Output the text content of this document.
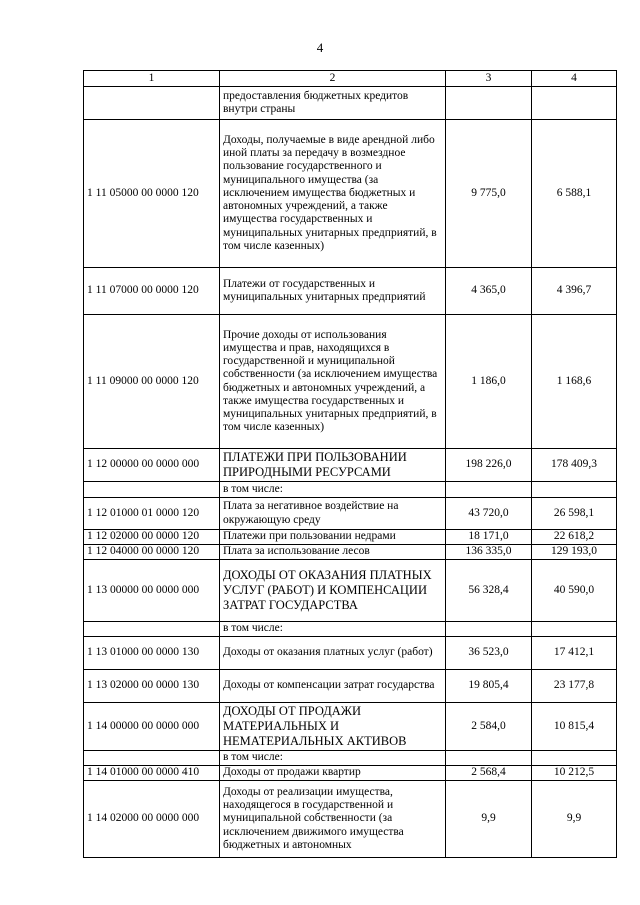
4
1	2	3	4
	предоставления бюджетных кредитов внутри страны		
1 11 05000 00 0000 120	Доходы, получаемые в виде арендной либо иной платы за передачу в возмездное пользование государственного и муниципального имущества (за исключением имущества бюджетных и автономных учреждений, а также имущества государственных и муниципальных унитарных предприятий, в том числе казенных)	9 775,0	6 588,1
1 11 07000 00 0000 120	Платежи от государственных и муниципальных унитарных предприятий	4 365,0	4 396,7
1 11 09000 00 0000 120	Прочие доходы от использования имущества и прав, находящихся в государственной и муниципальной собственности (за исключением имущества бюджетных и автономных учреждений, а также имущества государственных и муниципальных унитарных предприятий, в том числе казенных)	1 186,0	1 168,6
1 12 00000 00 0000 000	ПЛАТЕЖИ ПРИ ПОЛЬЗОВАНИИ ПРИРОДНЫМИ РЕСУРСАМИ	198 226,0	178 409,3
	в том числе:		
1 12 01000 01 0000 120	Плата за негативное воздействие на окружающую среду	43 720,0	26 598,1
1 12 02000 00 0000 120	Платежи при пользовании недрами	18 171,0	22 618,2
1 12 04000 00 0000 120	Плата за использование лесов	136 335,0	129 193,0
1 13 00000 00 0000 000	ДОХОДЫ ОТ ОКАЗАНИЯ ПЛАТНЫХ УСЛУГ (РАБОТ) И КОМПЕНСАЦИИ ЗАТРАТ ГОСУДАРСТВА	56 328,4	40 590,0
	в том числе:		
1 13 01000 00 0000 130	Доходы от оказания платных услуг (работ)	36 523,0	17 412,1
1 13 02000 00 0000 130	Доходы от компенсации затрат государства	19 805,4	23 177,8
1 14 00000 00 0000 000	ДОХОДЫ ОТ ПРОДАЖИ МАТЕРИАЛЬНЫХ И НЕМАТЕРИАЛЬНЫХ АКТИВОВ	2 584,0	10 815,4
	в том числе:		
1 14 01000 00 0000 410	Доходы от продажи квартир	2 568,4	10 212,5
1 14 02000 00 0000 000	Доходы от реализации имущества, находящегося в государственной и муниципальной собственности (за исключением движимого имущества бюджетных и автономных	9,9	9,9
